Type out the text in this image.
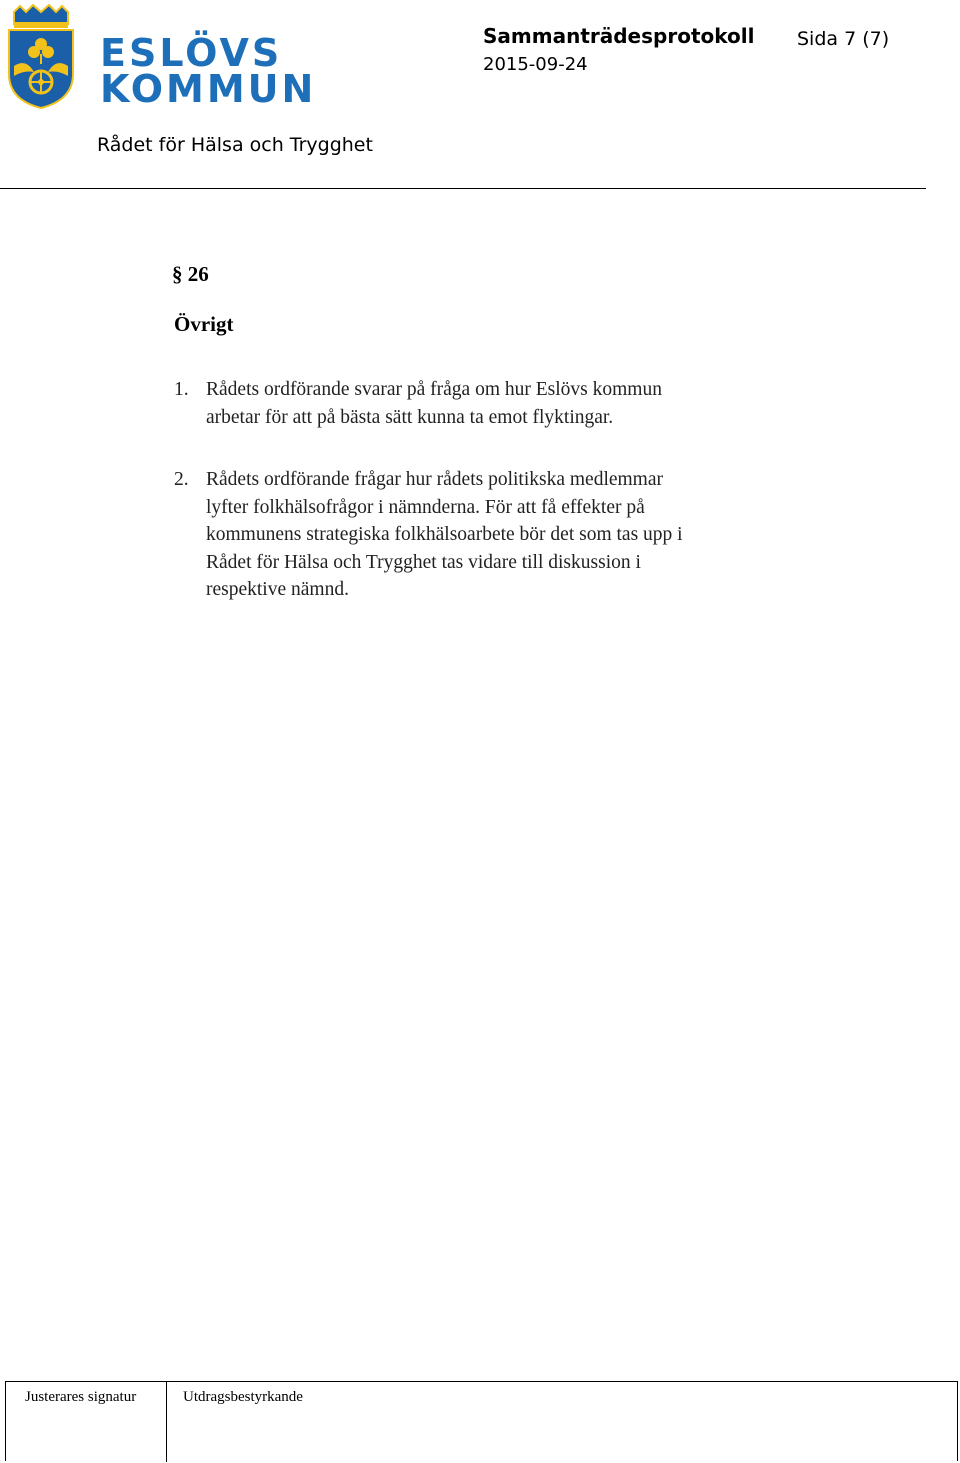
ESLÖVS
KOMMUN
Sammanträdesprotokoll Sida 7 (7)
2015-09-24
Rådet för Hälsa och Trygghet
§ 26
Övrigt
1. Rådets ordförande svarar på fråga om hur Eslövs kommun
arbetar för att på bästa sätt kunna ta emot flyktingar.
2. Rådets ordförande frågar hur rådets politikska medlemmar
lyfter folkhälsofrågor i nämnderna. För att få effekter på
kommunens strategiska folkhälsoarbete bör det som tas upp i
Rådet för Hälsa och Trygghet tas vidare till diskussion i
respektive nämnd.
Justerares signatur	Utdragsbestyrkande
